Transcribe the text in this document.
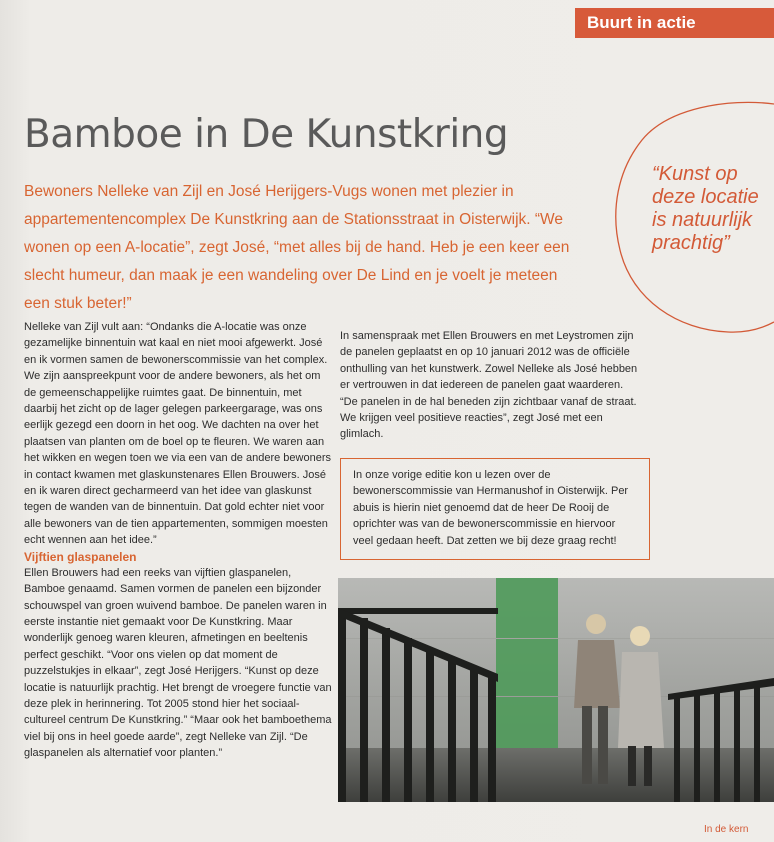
Buurt in actie
Bamboe in De Kunstkring

Bewoners Nelleke van Zijl en José Herijgers-Vugs wonen met plezier in appartementencomplex De Kunstkring aan de Stationsstraat in Oisterwijk. “We wonen op een A-locatie”, zegt José, “met alles bij de hand. Heb je een keer een slecht humeur, dan maak je een wandeling over De Lind en je voelt je meteen een stuk beter!”

“Kunst op deze locatie is natuurlijk prachtig”

Nelleke van Zijl vult aan: “Ondanks die A-locatie was onze gezamelijke binnentuin wat kaal en niet mooi afgewerkt. José en ik vormen samen de bewonerscommissie van het complex. We zijn aanspreekpunt voor de andere bewoners, als het om de gemeenschappelijke ruimtes gaat. De binnentuin, met daarbij het zicht op de lager gelegen parkeergarage, was ons eerlijk gezegd een doorn in het oog. We dachten na over het plaatsen van planten om de boel op te fleuren. We waren aan het wikken en wegen toen we via een van de andere bewoners in contact kwamen met glaskunstenares Ellen Brouwers. José en ik waren direct gecharmeerd van het idee van glaskunst tegen de wanden van de binnentuin. Dat gold echter niet voor alle bewoners van de tien appartementen, sommigen moesten echt wennen aan het idee.”

Vijftien glaspanelen

Ellen Brouwers had een reeks van vijftien glaspanelen, Bamboe genaamd. Samen vormen de panelen een bijzonder schouwspel van groen wuivend bamboe. De panelen waren in eerste instantie niet gemaakt voor De Kunstkring. Maar wonderlijk genoeg waren kleuren, afmetingen en beeltenis perfect geschikt. “Voor ons vielen op dat moment de puzzelstukjes in elkaar”, zegt José Herijgers. “Kunst op deze locatie is natuurlijk prachtig. Het brengt de vroegere functie van deze plek in herinnering. Tot 2005 stond hier het sociaal-cultureel centrum De Kunstkring.” “Maar ook het bamboethema viel bij ons in heel goede aarde”, zegt Nelleke van Zijl. “De glaspanelen als alternatief voor planten.”

In samenspraak met Ellen Brouwers en met Leystromen zijn de panelen geplaatst en op 10 januari 2012 was de officiële onthulling van het kunstwerk. Zowel Nelleke als José hebben er vertrouwen in dat iedereen de panelen gaat waarderen. “De panelen in de hal beneden zijn zichtbaar vanaf de straat. We krijgen veel positieve reacties”, zegt José met een glimlach.

In onze vorige editie kon u lezen over de bewonerscommissie van Hermanushof in Oisterwijk. Per abuis is hierin niet genoemd dat de heer De Rooij de oprichter was van de bewonerscommissie en hiervoor veel gedaan heeft. Dat zetten we bij deze graag recht!
In de kern
